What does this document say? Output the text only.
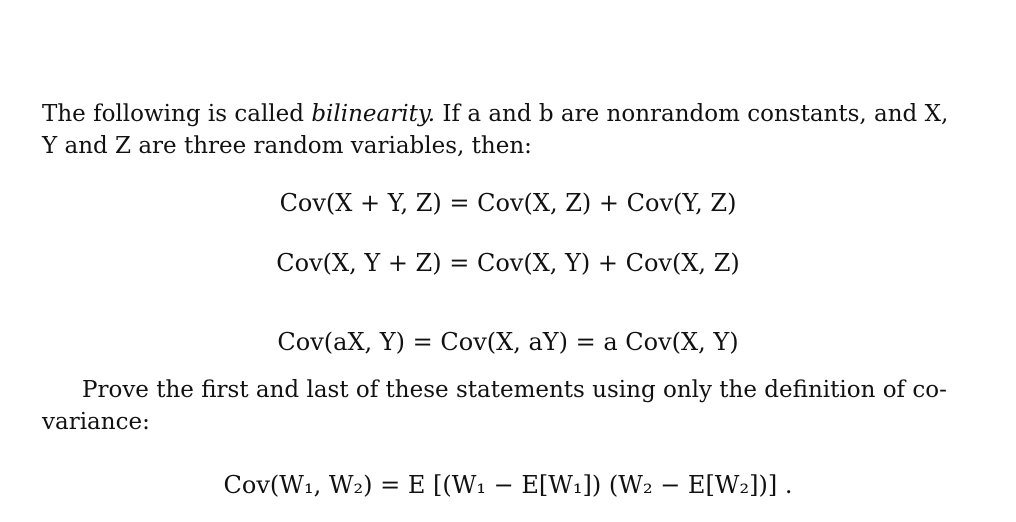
The following is called bilinearity. If a and b are nonrandom constants, and X,
Y and Z are three random variables, then:
Cov(X + Y, Z) = Cov(X, Z) + Cov(Y, Z)
Cov(X, Y + Z) = Cov(X, Y) + Cov(X, Z)
Cov(aX, Y) = Cov(X, aY) = a Cov(X, Y)
Prove the first and last of these statements using only the definition of co-
variance:
Cov(W₁, W₂) = E [(W₁ − E[W₁]) (W₂ − E[W₂])] .
